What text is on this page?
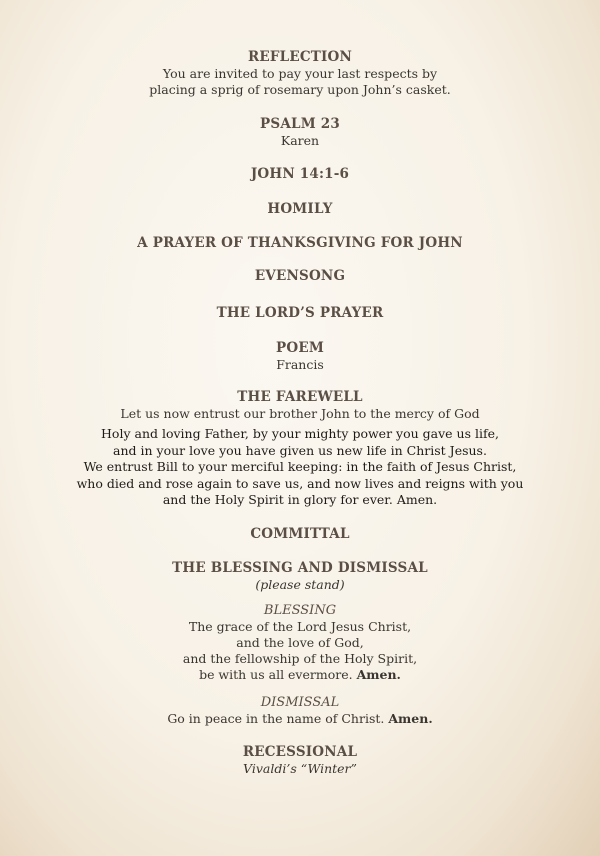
REFLECTION
You are invited to pay your last respects by
placing a sprig of rosemary upon John’s casket.
PSALM 23
Karen
JOHN 14:1-6
HOMILY
A PRAYER OF THANKSGIVING FOR JOHN
EVENSONG
THE LORD’S PRAYER
POEM
Francis
THE FAREWELL
Let us now entrust our brother John to the mercy of God
Holy and loving Father, by your mighty power you gave us life,
and in your love you have given us new life in Christ Jesus.
We entrust Bill to your merciful keeping: in the faith of Jesus Christ,
who died and rose again to save us, and now lives and reigns with you
and the Holy Spirit in glory for ever. Amen.
COMMITTAL
THE BLESSING AND DISMISSAL
(please stand)
BLESSING
The grace of the Lord Jesus Christ,
and the love of God,
and the fellowship of the Holy Spirit,
be with us all evermore. Amen.
DISMISSAL
Go in peace in the name of Christ. Amen.
RECESSIONAL
Vivaldi’s “Winter”
